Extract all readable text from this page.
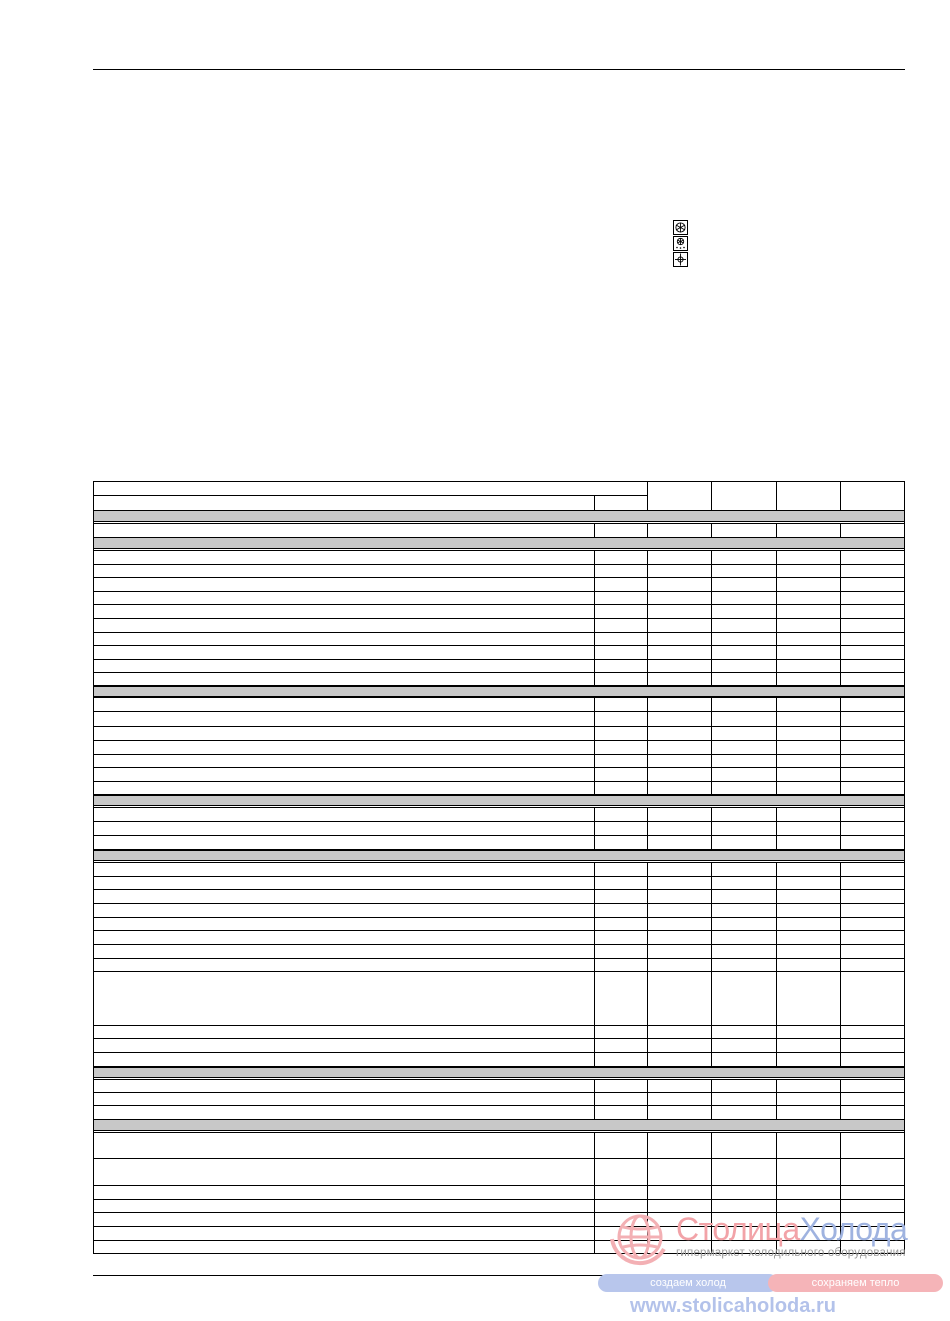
СтолицаХолода
гипермаркет холодильного оборудования
создаем холод	сохраняем тепло
www.stolicaholoda.ru
